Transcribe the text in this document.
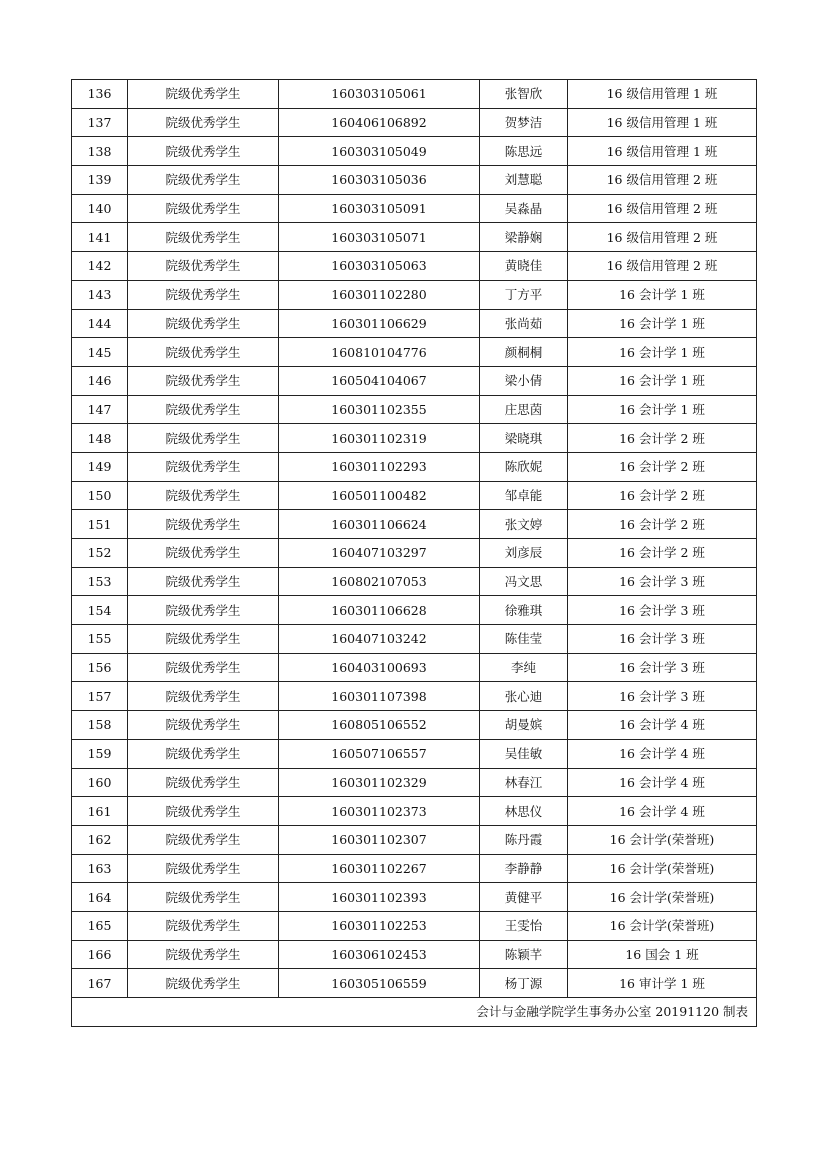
136	院级优秀学生	160303105061	张智欣	16 级信用管理 1 班
137	院级优秀学生	160406106892	贺梦洁	16 级信用管理 1 班
138	院级优秀学生	160303105049	陈思远	16 级信用管理 1 班
139	院级优秀学生	160303105036	刘慧聪	16 级信用管理 2 班
140	院级优秀学生	160303105091	吴淼晶	16 级信用管理 2 班
141	院级优秀学生	160303105071	梁静娴	16 级信用管理 2 班
142	院级优秀学生	160303105063	黄晓佳	16 级信用管理 2 班
143	院级优秀学生	160301102280	丁方平	16 会计学 1 班
144	院级优秀学生	160301106629	张尚茹	16 会计学 1 班
145	院级优秀学生	160810104776	颜桐桐	16 会计学 1 班
146	院级优秀学生	160504104067	梁小倩	16 会计学 1 班
147	院级优秀学生	160301102355	庄思茵	16 会计学 1 班
148	院级优秀学生	160301102319	梁晓琪	16 会计学 2 班
149	院级优秀学生	160301102293	陈欣妮	16 会计学 2 班
150	院级优秀学生	160501100482	邹卓能	16 会计学 2 班
151	院级优秀学生	160301106624	张文婷	16 会计学 2 班
152	院级优秀学生	160407103297	刘彦辰	16 会计学 2 班
153	院级优秀学生	160802107053	冯文思	16 会计学 3 班
154	院级优秀学生	160301106628	徐雅琪	16 会计学 3 班
155	院级优秀学生	160407103242	陈佳莹	16 会计学 3 班
156	院级优秀学生	160403100693	李纯	16 会计学 3 班
157	院级优秀学生	160301107398	张心迪	16 会计学 3 班
158	院级优秀学生	160805106552	胡曼嫔	16 会计学 4 班
159	院级优秀学生	160507106557	吴佳敏	16 会计学 4 班
160	院级优秀学生	160301102329	林春江	16 会计学 4 班
161	院级优秀学生	160301102373	林思仪	16 会计学 4 班
162	院级优秀学生	160301102307	陈丹霞	16 会计学(荣誉班)
163	院级优秀学生	160301102267	李静静	16 会计学(荣誉班)
164	院级优秀学生	160301102393	黄健平	16 会计学(荣誉班)
165	院级优秀学生	160301102253	王雯怡	16 会计学(荣誉班)
166	院级优秀学生	160306102453	陈颖芊	16 国会 1 班
167	院级优秀学生	160305106559	杨丁源	16 审计学 1 班
会计与金融学院学生事务办公室 20191120 制表				
